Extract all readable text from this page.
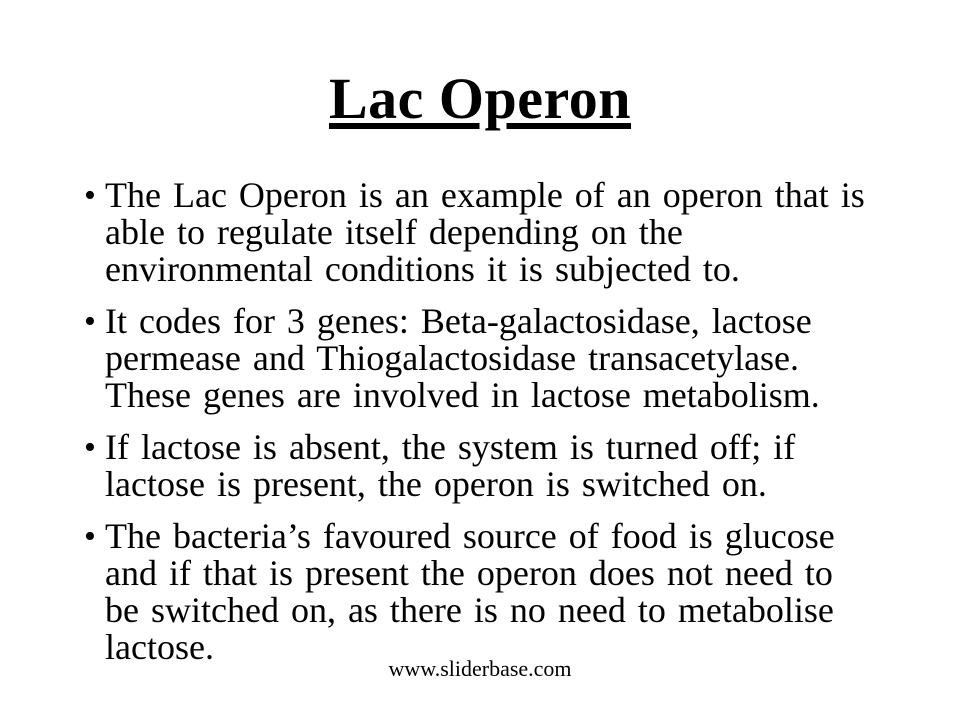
Lac Operon
• The Lac Operon is an example of an operon that is
able to regulate itself depending on the
environmental conditions it is subjected to.
• It codes for 3 genes: Beta-galactosidase, lactose
permease and Thiogalactosidase transacetylase.
These genes are involved in lactose metabolism.
• If lactose is absent, the system is turned off; if
lactose is present, the operon is switched on.
• The bacteria’s favoured source of food is glucose
and if that is present the operon does not need to
be switched on, as there is no need to metabolise
lactose.
www.sliderbase.com
